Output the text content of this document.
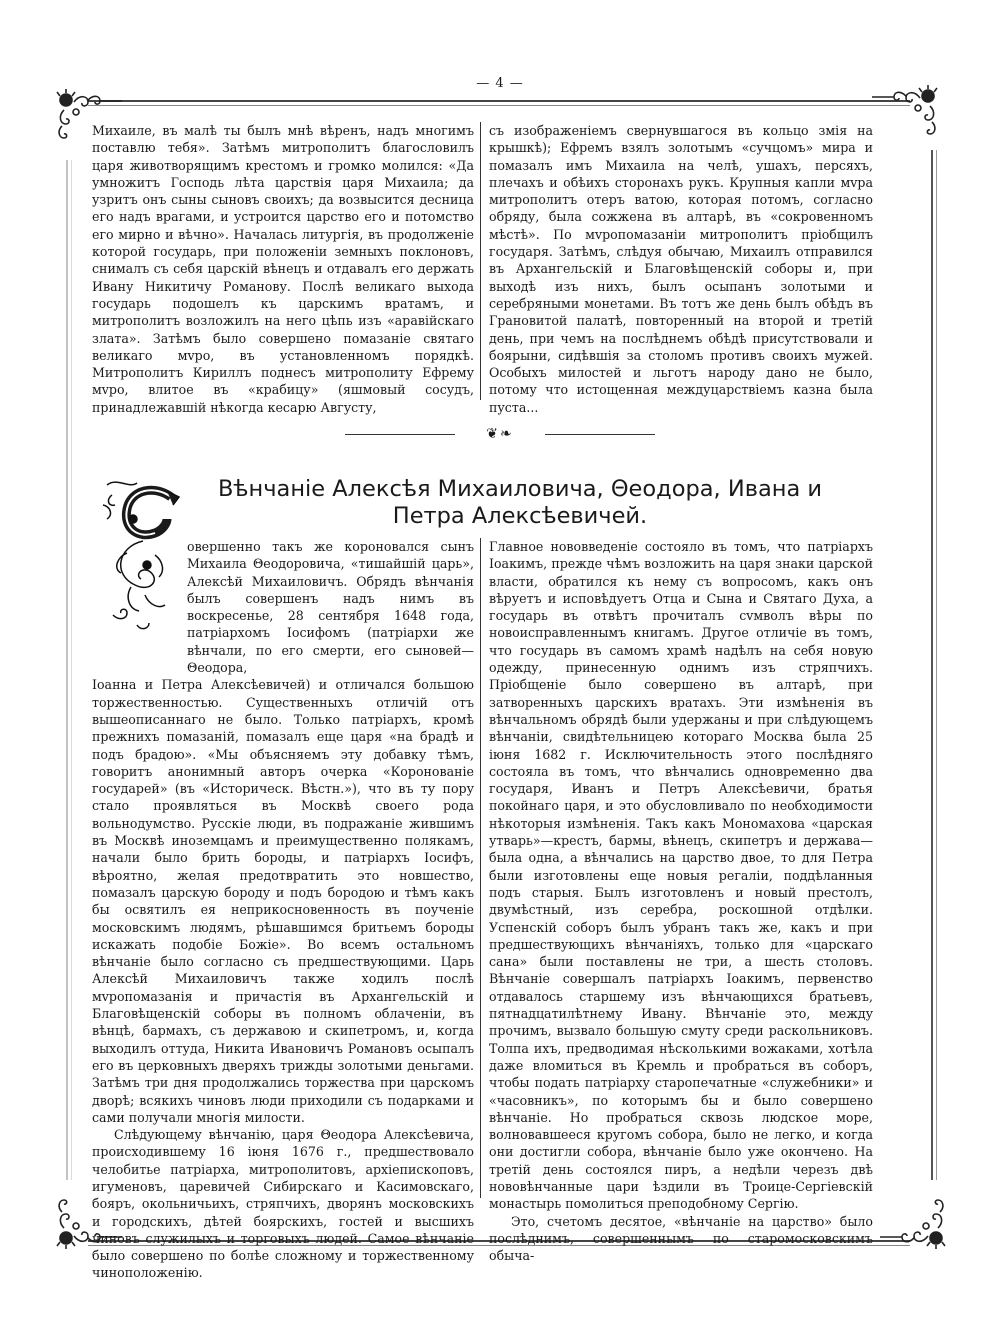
— 4 —

Михаиле, въ малѣ ты былъ мнѣ вѣренъ, надъ многимъ поставлю тебя». Затѣмъ митрополитъ благословилъ царя животворящимъ крестомъ и громко молился: «Да умножитъ Господь лѣта царствія царя Михаила; да узритъ онъ сыны сыновъ своихъ; да возвысится десница его надъ врагами, и устроится царство его и потомство его мирно и вѣчно». Началась литургія, въ продолженіе которой государь, при положеніи земныхъ поклоновъ, снималъ съ себя царскій вѣнецъ и отдавалъ его держать Ивану Никитичу Романову. Послѣ великаго выхода государь подошелъ къ царскимъ вратамъ, и митрополитъ возложилъ на него цѣпь изъ «аравійскаго злата». Затѣмъ было совершено помазаніе святаго великаго мvро, въ установленномъ порядкѣ. Митрополитъ Кириллъ поднесъ митрополиту Ефрему мvро, влитое въ «крабицу» (яшмовый сосудъ, принадлежавшій нѣкогда кесарю Августу,

съ изображеніемъ свернувшагося въ кольцо змія на крышкѣ); Ефремъ взялъ золотымъ «сучцомъ» мира и помазалъ имъ Михаила на челѣ, ушахъ, персяхъ, плечахъ и обѣихъ сторонахъ рукъ. Крупныя капли мvра митрополитъ отеръ ватою, которая потомъ, согласно обряду, была сожжена въ алтарѣ, въ «сокровенномъ мѣстѣ». По мvропомазаніи митрополитъ пріобщилъ государя. Затѣмъ, слѣдуя обычаю, Михаилъ отправился въ Архангельскій и Благовѣщенскій соборы и, при выходѣ изъ нихъ, былъ осыпанъ золотыми и серебряными монетами. Въ тотъ же день былъ обѣдъ въ Грановитой палатѣ, повторенный на второй и третій день, при чемъ на послѣднемъ обѣдѣ присутствовали и боярыни, сидѣвшія за столомъ противъ своихъ мужей. Особыхъ милостей и льготъ народу дано не было, потому что истощенная междуцарствіемъ казна была пуста...

❦❧
Вѣнчаніе Алексѣя Михаиловича, Θеодора, Ивана и Петра Алексѣевичей.

овершенно такъ же короновался сынъ Михаила Θеодоровича, «тишайшій царь», Алексѣй Михаиловичъ. Обрядъ вѣнчанія былъ совершенъ надъ нимъ въ воскресенье, 28 сентября 1648 года, патріархомъ Іосифомъ (патріархи же вѣнчали, по его смерти, его сыновей—Θеодора,

Іоанна и Петра Алексѣевичей) и отличался большою торжественностью. Существенныхъ отличій отъ вышеописаннаго не было. Только патріархъ, кромѣ прежнихъ помазаній, помазалъ еще царя «на брадѣ и подъ брадою». «Мы объясняемъ эту добавку тѣмъ, говоритъ анонимный авторъ очерка «Коронованіе государей» (въ «Историческ. Вѣстн.»), что въ ту пору стало проявляться въ Москвѣ своего рода вольнодумство. Русскіе люди, въ подражаніе жившимъ въ Москвѣ иноземцамъ и преимущественно полякамъ, начали было брить бороды, и патріархъ Іосифъ, вѣроятно, желая предотвратить это новшество, помазалъ царскую бороду и подъ бородою и тѣмъ какъ бы освятилъ ея неприкосновенность въ поученіе московскимъ людямъ, рѣшавшимся бритьемъ бороды искажать подобіе Божіе». Во всемъ остальномъ вѣнчаніе было согласно съ предшествующими. Царь Алексѣй Михаиловичъ также ходилъ послѣ мvропомазанія и причастія въ Архангельскій и Благовѣщенскій соборы въ полномъ облаченіи, въ вѣнцѣ, бармахъ, съ державою и скипетромъ, и, когда выходилъ оттуда, Никита Ивановичъ Романовъ осыпалъ его въ церковныхъ дверяхъ трижды золотыми деньгами. Затѣмъ три дня продолжались торжества при царскомъ дворѣ; всякихъ чиновъ люди приходили съ подарками и сами получали многія милости.

Слѣдующему вѣнчанію, царя Θеодора Алексѣевича, происходившему 16 іюня 1676 г., предшествовало челобитье патріарха, митрополитовъ, архіепископовъ, игуменовъ, царевичей Сибирскаго и Касимовскаго, бояръ, окольничьихъ, стряпчихъ, дворянъ московскихъ и городскихъ, дѣтей боярскихъ, гостей и высшихъ чиновъ служилыхъ и торговыхъ людей. Самое вѣнчаніе было совершено по болѣе сложному и торжественному чиноположенію.

Главное нововведеніе состояло въ томъ, что патріархъ Іоакимъ, прежде чѣмъ возложить на царя знаки царской власти, обратился къ нему съ вопросомъ, какъ онъ вѣруетъ и исповѣдуетъ Отца и Сына и Святаго Духа, а государь въ отвѣтъ прочиталъ сvмволъ вѣры по новоисправленнымъ книгамъ. Другое отличіе въ томъ, что государь въ самомъ храмѣ надѣлъ на себя новую одежду, принесенную однимъ изъ стряпчихъ. Пріобщеніе было совершено въ алтарѣ, при затворенныхъ царскихъ вратахъ. Эти измѣненія въ вѣнчальномъ обрядѣ были удержаны и при слѣдующемъ вѣнчаніи, свидѣтельницею котораго Москва была 25 іюня 1682 г. Исключительность этого послѣдняго состояла въ томъ, что вѣнчались одновременно два государя, Иванъ и Петръ Алексѣевичи, братья покойнаго царя, и это обусловливало по необходимости нѣкоторыя измѣненія. Такъ какъ Мономахова «царская утварь»—крестъ, бармы, вѣнецъ, скипетръ и держава—была одна, а вѣнчались на царство двое, то для Петра были изготовлены еще новыя регаліи, поддѣланныя подъ старыя. Былъ изготовленъ и новый престолъ, двумѣстный, изъ серебра, роскошной отдѣлки. Успенскій соборъ былъ убранъ такъ же, какъ и при предшествующихъ вѣнчаніяхъ, только для «царскаго сана» были поставлены не три, а шесть столовъ. Вѣнчаніе совершалъ патріархъ Іоакимъ, первенство отдавалось старшему изъ вѣнчающихся братьевъ, пятнадцатилѣтнему Ивану. Вѣнчаніе это, между прочимъ, вызвало большую смуту среди раскольниковъ. Толпа ихъ, предводимая нѣсколькими вожаками, хотѣла даже вломиться въ Кремль и пробраться въ соборъ, чтобы подать патріарху старопечатные «служебники» и «часовникъ», по которымъ бы и было совершено вѣнчаніе. Но пробраться сквозь людское море, волновавшееся кругомъ собора, было не легко, и когда они достигли собора, вѣнчаніе было уже окончено. На третій день состоялся пиръ, а недѣли черезъ двѣ нововѣнчанные цари ѣздили въ Троице-Сергіевскій монастырь помолиться преподобному Сергію.

Это, счетомъ десятое, «вѣнчаніе на царство» было послѣднимъ, совершеннымъ по старомосковскимъ обыча-
